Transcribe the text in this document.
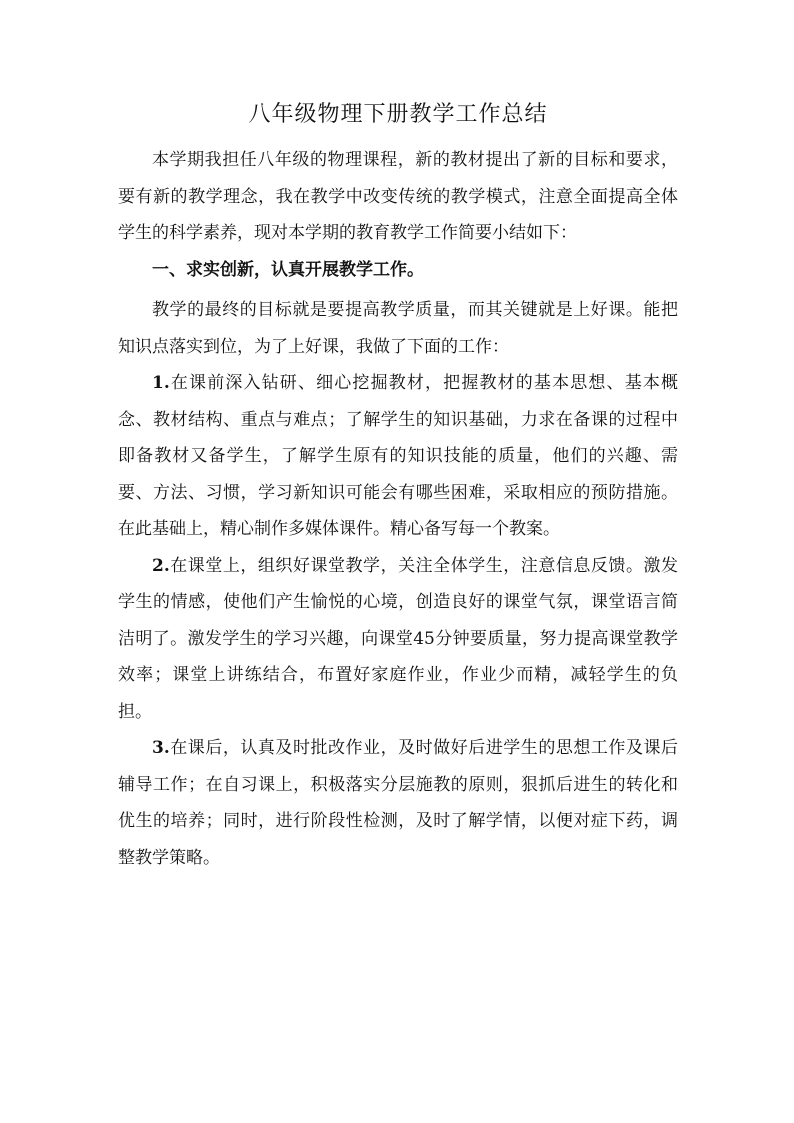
八年级物理下册教学工作总结

本学期我担任八年级的物理课程，新的教材提出了新的目标和要求，要有新的教学理念，我在教学中改变传统的教学模式，注意全面提高全体学生的科学素养，现对本学期的教育教学工作简要小结如下：

一、求实创新，认真开展教学工作。

教学的最终的目标就是要提高教学质量，而其关键就是上好课。能把知识点落实到位，为了上好课，我做了下面的工作：

1.在课前深入钻研、细心挖掘教材，把握教材的基本思想、基本概念、教材结构、重点与难点；了解学生的知识基础，力求在备课的过程中即备教材又备学生，了解学生原有的知识技能的质量，他们的兴趣、需要、方法、习惯，学习新知识可能会有哪些困难，采取相应的预防措施。在此基础上，精心制作多媒体课件。精心备写每一个教案。

2.在课堂上，组织好课堂教学，关注全体学生，注意信息反馈。激发学生的情感，使他们产生愉悦的心境，创造良好的课堂气氛，课堂语言简洁明了。激发学生的学习兴趣，向课堂45分钟要质量，努力提高课堂教学效率；课堂上讲练结合，布置好家庭作业，作业少而精，减轻学生的负担。

3.在课后，认真及时批改作业，及时做好后进学生的思想工作及课后辅导工作；在自习课上，积极落实分层施教的原则，狠抓后进生的转化和优生的培养；同时，进行阶段性检测，及时了解学情，以便对症下药，调整教学策略。
